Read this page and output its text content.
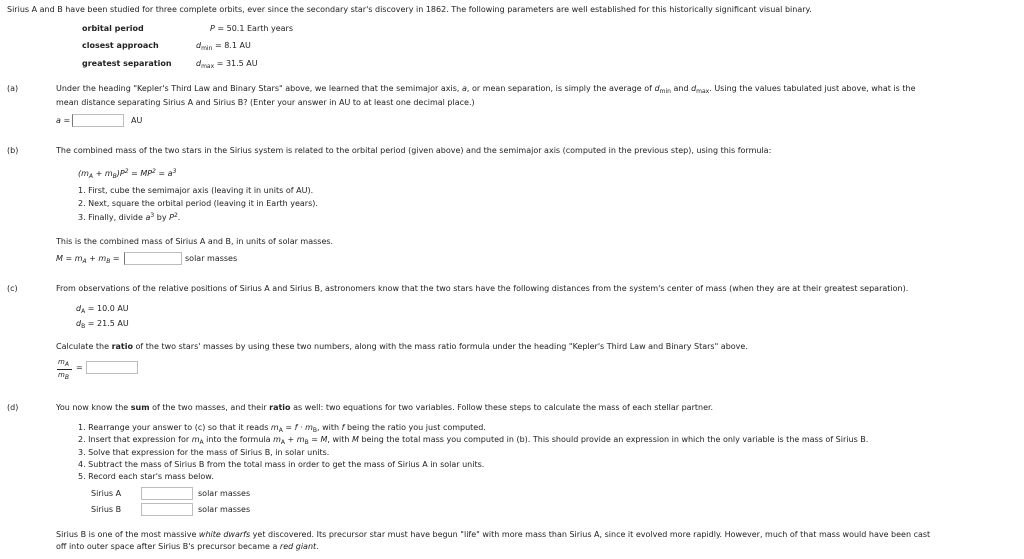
Sirius A and B have been studied for three complete orbits, ever since the secondary star's discovery in 1862. The following parameters are well established for this historically significant visual binary.
orbital period	P = 50.1 Earth years
closest approach	$d_{min} = 8.1$ AU
greatest separation	$d_{max} = 31.5$ AU
(a)	Under the heading "Kepler's Third Law and Binary Stars" above, we learned that the semimajor axis, a, or mean separation, is simply the average of $d_{min}$ and $d_{max}$. Using the values tabulated just above, what is the
mean distance separating Sirius A and Sirius B? (Enter your answer in AU to at least one decimal place.)
a =	AU
(b)	The combined mass of the two stars in the Sirius system is related to the orbital period (given above) and the semimajor axis (computed in the previous step), using this formula:
$(m_A + m_B)P^2 = MP^2 = a^3$
1. First, cube the semimajor axis (leaving it in units of AU).
2. Next, square the orbital period (leaving it in Earth years).
3. Finally, divide $a^3$ by $P^2$.
This is the combined mass of Sirius A and B, in units of solar masses.
$M = m_A + m_B$ =	solar masses
(c)	From observations of the relative positions of Sirius A and Sirius B, astronomers know that the two stars have the following distances from the system's center of mass (when they are at their greatest separation).
$d_A = 10.0$ AU
$d_B = 21.5$ AU
Calculate the ratio of the two stars' masses by using these two numbers, along with the mass ratio formula under the heading "Kepler's Third Law and Binary Stars" above.
$m_A$
$m_B$
=
(d)	You now know the sum of the two masses, and their ratio as well: two equations for two variables. Follow these steps to calculate the mass of each stellar partner.
1. Rearrange your answer to (c) so that it reads $m_A = f \cdot m_B$, with f being the ratio you just computed.
2. Insert that expression for $m_A$ into the formula $m_A + m_B = M$, with M being the total mass you computed in (b). This should provide an expression in which the only variable is the mass of Sirius B.
3. Solve that expression for the mass of Sirius B, in solar units.
4. Subtract the mass of Sirius B from the total mass in order to get the mass of Sirius A in solar units.
5. Record each star's mass below.
Sirius A	solar masses
Sirius B	solar masses
Sirius B is one of the most massive white dwarfs yet discovered. Its precursor star must have begun "life" with more mass than Sirius A, since it evolved more rapidly. However, much of that mass would have been cast
off into outer space after Sirius B's precursor became a red giant.
